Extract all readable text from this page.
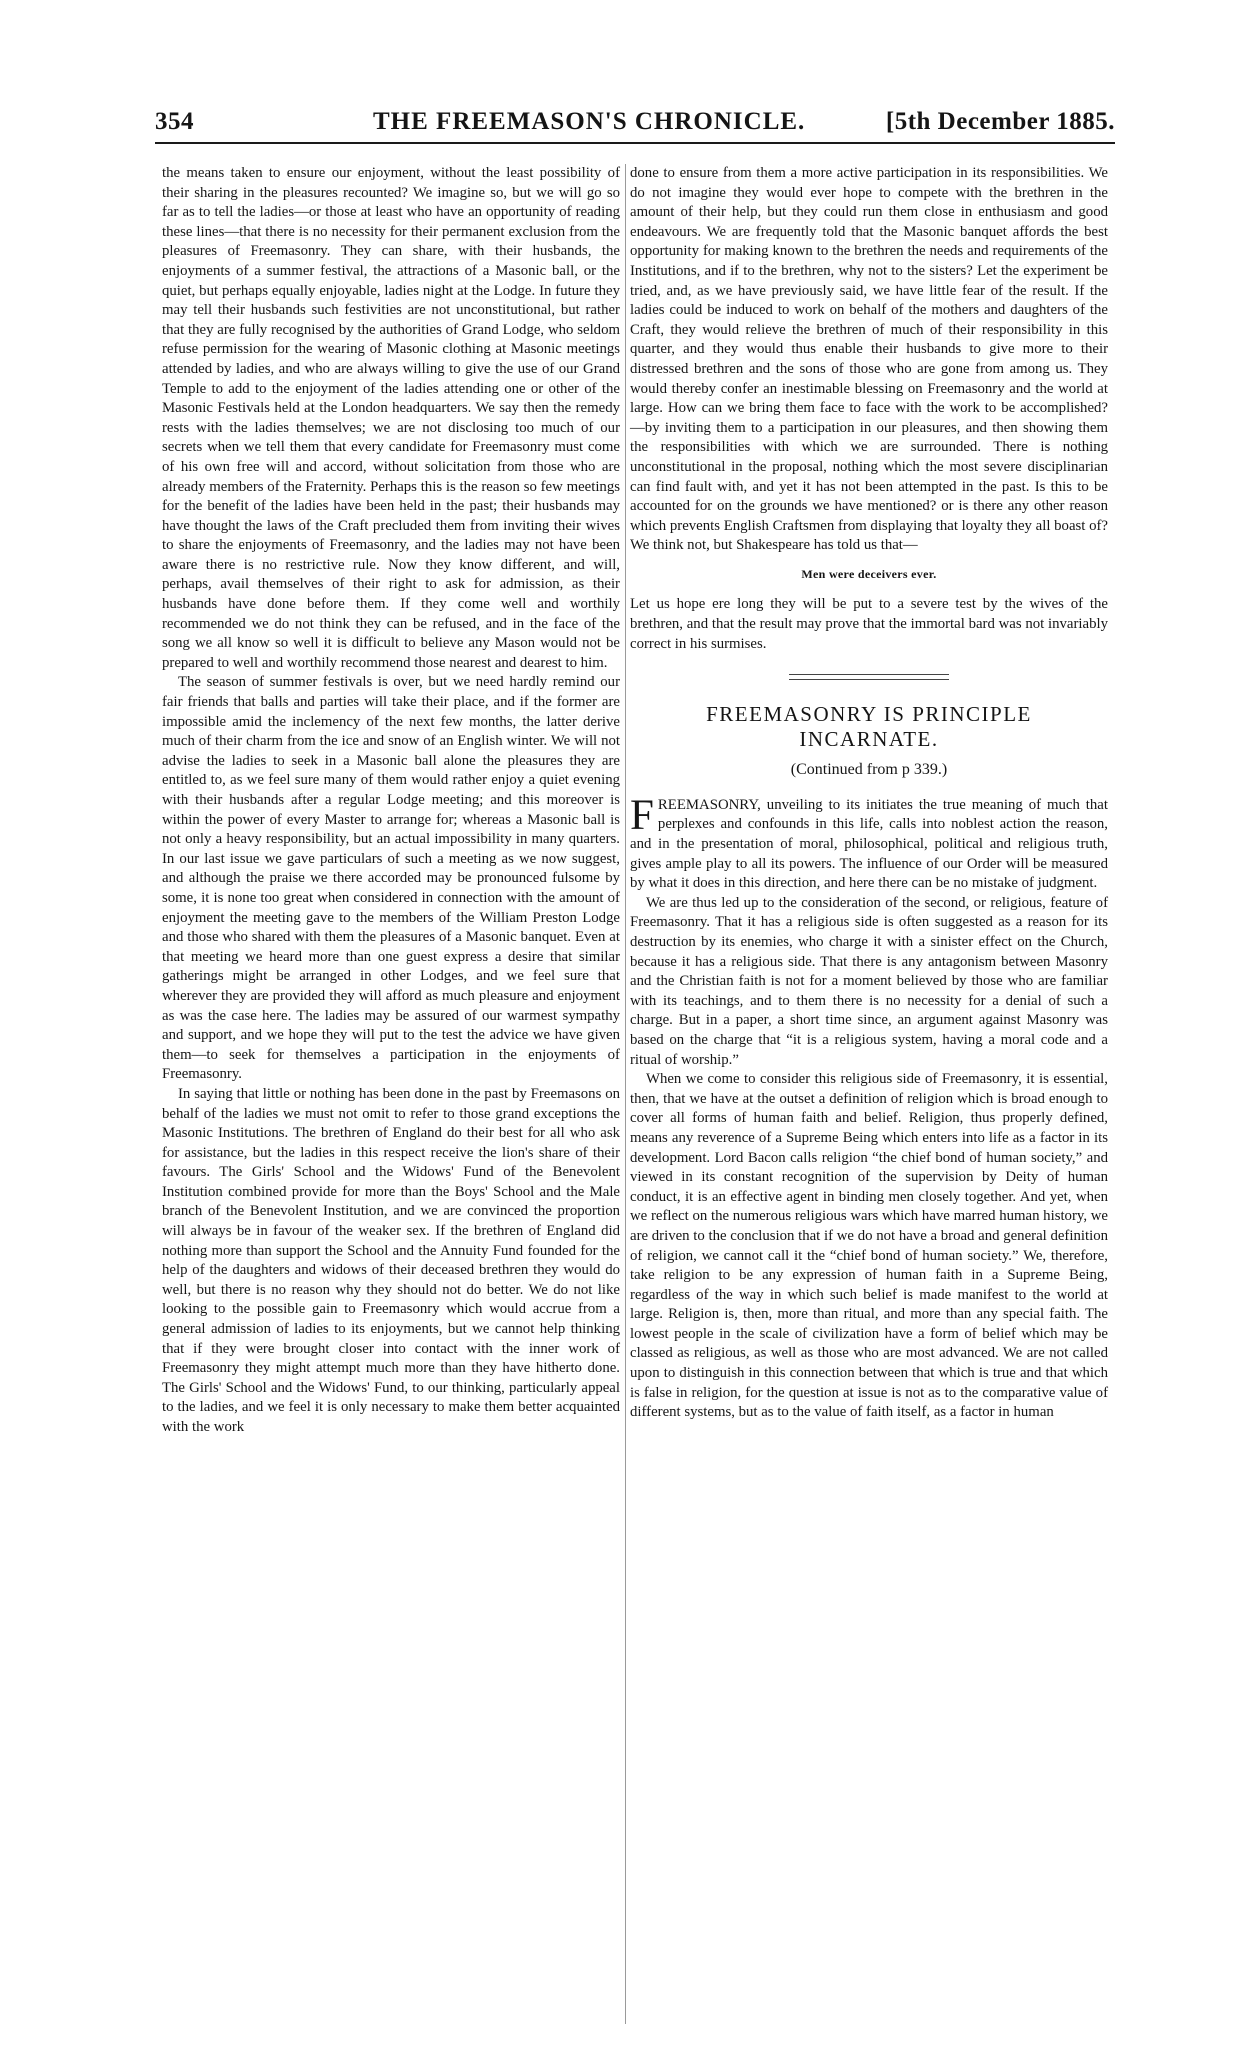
354	THE FREEMASON'S CHRONICLE.	[5th December 1885.

the means taken to ensure our enjoyment, without the least possibility of their sharing in the pleasures recounted? We imagine so, but we will go so far as to tell the ladies—or those at least who have an opportunity of reading these lines—that there is no necessity for their permanent exclusion from the pleasures of Freemasonry. They can share, with their husbands, the enjoyments of a summer festival, the attractions of a Masonic ball, or the quiet, but perhaps equally enjoyable, ladies night at the Lodge. In future they may tell their husbands such festivities are not unconstitutional, but rather that they are fully recognised by the authorities of Grand Lodge, who seldom refuse permission for the wearing of Masonic clothing at Masonic meetings attended by ladies, and who are always willing to give the use of our Grand Temple to add to the enjoyment of the ladies attending one or other of the Masonic Festivals held at the London headquarters. We say then the remedy rests with the ladies themselves; we are not disclosing too much of our secrets when we tell them that every candidate for Freemasonry must come of his own free will and accord, without solicitation from those who are already members of the Fraternity. Perhaps this is the reason so few meetings for the benefit of the ladies have been held in the past; their husbands may have thought the laws of the Craft precluded them from inviting their wives to share the enjoyments of Freemasonry, and the ladies may not have been aware there is no restrictive rule. Now they know different, and will, perhaps, avail themselves of their right to ask for admission, as their husbands have done before them. If they come well and worthily recommended we do not think they can be refused, and in the face of the song we all know so well it is difficult to believe any Mason would not be prepared to well and worthily recommend those nearest and dearest to him.

The season of summer festivals is over, but we need hardly remind our fair friends that balls and parties will take their place, and if the former are impossible amid the inclemency of the next few months, the latter derive much of their charm from the ice and snow of an English winter. We will not advise the ladies to seek in a Masonic ball alone the pleasures they are entitled to, as we feel sure many of them would rather enjoy a quiet evening with their husbands after a regular Lodge meeting; and this moreover is within the power of every Master to arrange for; whereas a Masonic ball is not only a heavy responsibility, but an actual impossibility in many quarters. In our last issue we gave particulars of such a meeting as we now suggest, and although the praise we there accorded may be pronounced fulsome by some, it is none too great when considered in connection with the amount of enjoyment the meeting gave to the members of the William Preston Lodge and those who shared with them the pleasures of a Masonic banquet. Even at that meeting we heard more than one guest express a desire that similar gatherings might be arranged in other Lodges, and we feel sure that wherever they are provided they will afford as much pleasure and enjoyment as was the case here. The ladies may be assured of our warmest sympathy and support, and we hope they will put to the test the advice we have given them—to seek for themselves a participation in the enjoyments of Freemasonry.

In saying that little or nothing has been done in the past by Freemasons on behalf of the ladies we must not omit to refer to those grand exceptions the Masonic Institutions. The brethren of England do their best for all who ask for assistance, but the ladies in this respect receive the lion's share of their favours. The Girls' School and the Widows' Fund of the Benevolent Institution combined provide for more than the Boys' School and the Male branch of the Benevolent Institution, and we are convinced the proportion will always be in favour of the weaker sex. If the brethren of England did nothing more than support the School and the Annuity Fund founded for the help of the daughters and widows of their deceased brethren they would do well, but there is no reason why they should not do better. We do not like looking to the possible gain to Freemasonry which would accrue from a general admission of ladies to its enjoyments, but we cannot help thinking that if they were brought closer into contact with the inner work of Freemasonry they might attempt much more than they have hitherto done. The Girls' School and the Widows' Fund, to our thinking, particularly appeal to the ladies, and we feel it is only necessary to make them better acquainted with the work

done to ensure from them a more active participation in its responsibilities. We do not imagine they would ever hope to compete with the brethren in the amount of their help, but they could run them close in enthusiasm and good endeavours. We are frequently told that the Masonic banquet affords the best opportunity for making known to the brethren the needs and requirements of the Institutions, and if to the brethren, why not to the sisters? Let the experiment be tried, and, as we have previously said, we have little fear of the result. If the ladies could be induced to work on behalf of the mothers and daughters of the Craft, they would relieve the brethren of much of their responsibility in this quarter, and they would thus enable their husbands to give more to their distressed brethren and the sons of those who are gone from among us. They would thereby confer an inestimable blessing on Freemasonry and the world at large. How can we bring them face to face with the work to be accomplished? —by inviting them to a participation in our pleasures, and then showing them the responsibilities with which we are surrounded. There is nothing unconstitutional in the proposal, nothing which the most severe disciplinarian can find fault with, and yet it has not been attempted in the past. Is this to be accounted for on the grounds we have mentioned? or is there any other reason which prevents English Craftsmen from displaying that loyalty they all boast of? We think not, but Shakespeare has told us that—

Men were deceivers ever.

Let us hope ere long they will be put to a severe test by the wives of the brethren, and that the result may prove that the immortal bard was not invariably correct in his surmises.

FREEMASONRY IS PRINCIPLE
INCARNATE.
(Continued from p 339.)

FREEMASONRY, unveiling to its initiates the true meaning of much that perplexes and confounds in this life, calls into noblest action the reason, and in the presentation of moral, philosophical, political and religious truth, gives ample play to all its powers. The influence of our Order will be measured by what it does in this direction, and here there can be no mistake of judgment.

We are thus led up to the consideration of the second, or religious, feature of Freemasonry. That it has a religious side is often suggested as a reason for its destruction by its enemies, who charge it with a sinister effect on the Church, because it has a religious side. That there is any antagonism between Masonry and the Christian faith is not for a moment believed by those who are familiar with its teachings, and to them there is no necessity for a denial of such a charge. But in a paper, a short time since, an argument against Masonry was based on the charge that “it is a religious system, having a moral code and a ritual of worship.”

When we come to consider this religious side of Freemasonry, it is essential, then, that we have at the outset a definition of religion which is broad enough to cover all forms of human faith and belief. Religion, thus properly defined, means any reverence of a Supreme Being which enters into life as a factor in its development. Lord Bacon calls religion “the chief bond of human society,” and viewed in its constant recognition of the supervision by Deity of human conduct, it is an effective agent in binding men closely together. And yet, when we reflect on the numerous religious wars which have marred human history, we are driven to the conclusion that if we do not have a broad and general definition of religion, we cannot call it the “chief bond of human society.” We, therefore, take religion to be any expression of human faith in a Supreme Being, regardless of the way in which such belief is made manifest to the world at large. Religion is, then, more than ritual, and more than any special faith. The lowest people in the scale of civilization have a form of belief which may be classed as religious, as well as those who are most advanced. We are not called upon to distinguish in this connection between that which is true and that which is false in religion, for the question at issue is not as to the comparative value of different systems, but as to the value of faith itself, as a factor in human
